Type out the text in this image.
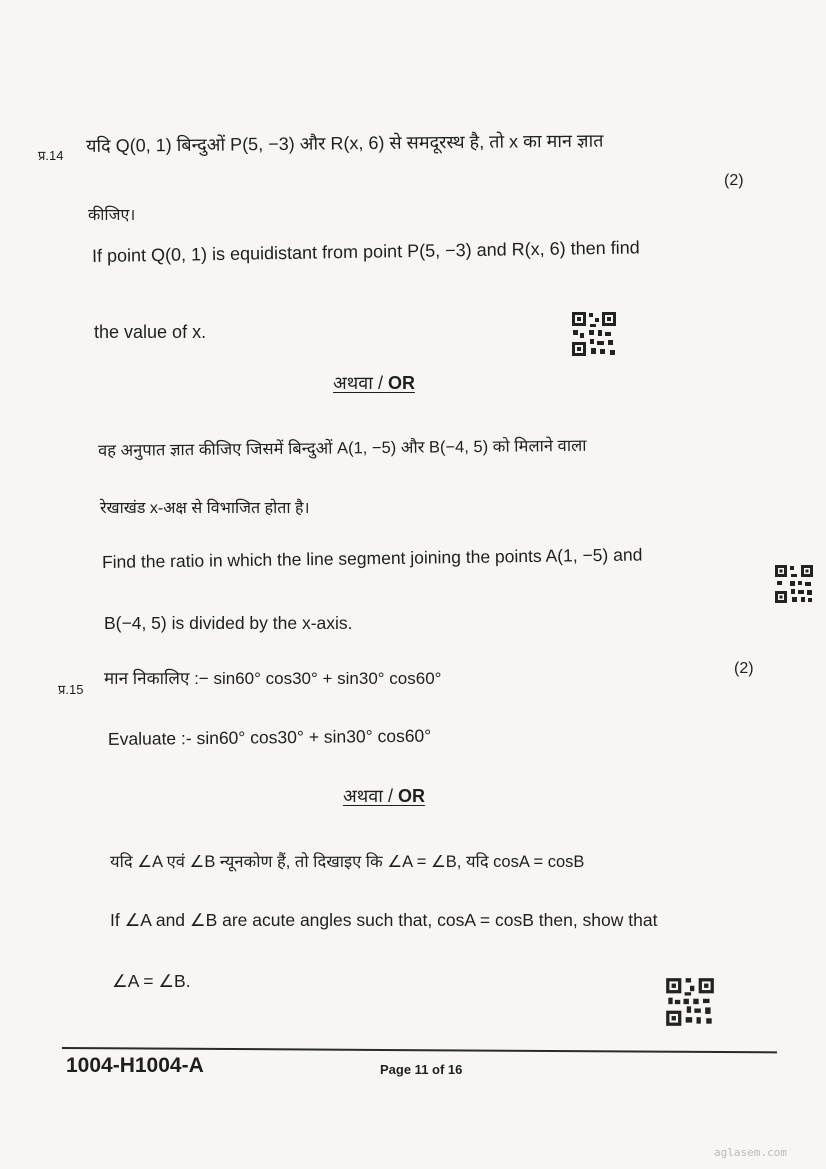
प्र.14 यदि Q(0, 1) बिन्दुओं P(5, −3) और R(x, 6) से समदूरस्थ है, तो x का मान ज्ञात
(2)
कीजिए।
If point Q(0, 1) is equidistant from point P(5, −3) and R(x, 6) then find
the value of x.
अथवा / OR
वह अनुपात ज्ञात कीजिए जिसमें बिन्दुओं A(1, −5) और B(−4, 5) को मिलाने वाला
रेखाखंड x-अक्ष से विभाजित होता है।
Find the ratio in which the line segment joining the points A(1, −5) and
B(−4, 5) is divided by the x-axis.
प्र.15
मान निकालिए :− sin60° cos30° + sin30° cos60°
(2)
Evaluate :- sin60° cos30° + sin30° cos60°
अथवा / OR
यदि ∠A एवं ∠B न्यूनकोण हैं, तो दिखाइए कि ∠A = ∠B, यदि cosA = cosB
If ∠A and ∠B are acute angles such that, cosA = cosB then, show that
∠A = ∠B.
1004-H1004-A	Page 11 of 16
aglasem.com
